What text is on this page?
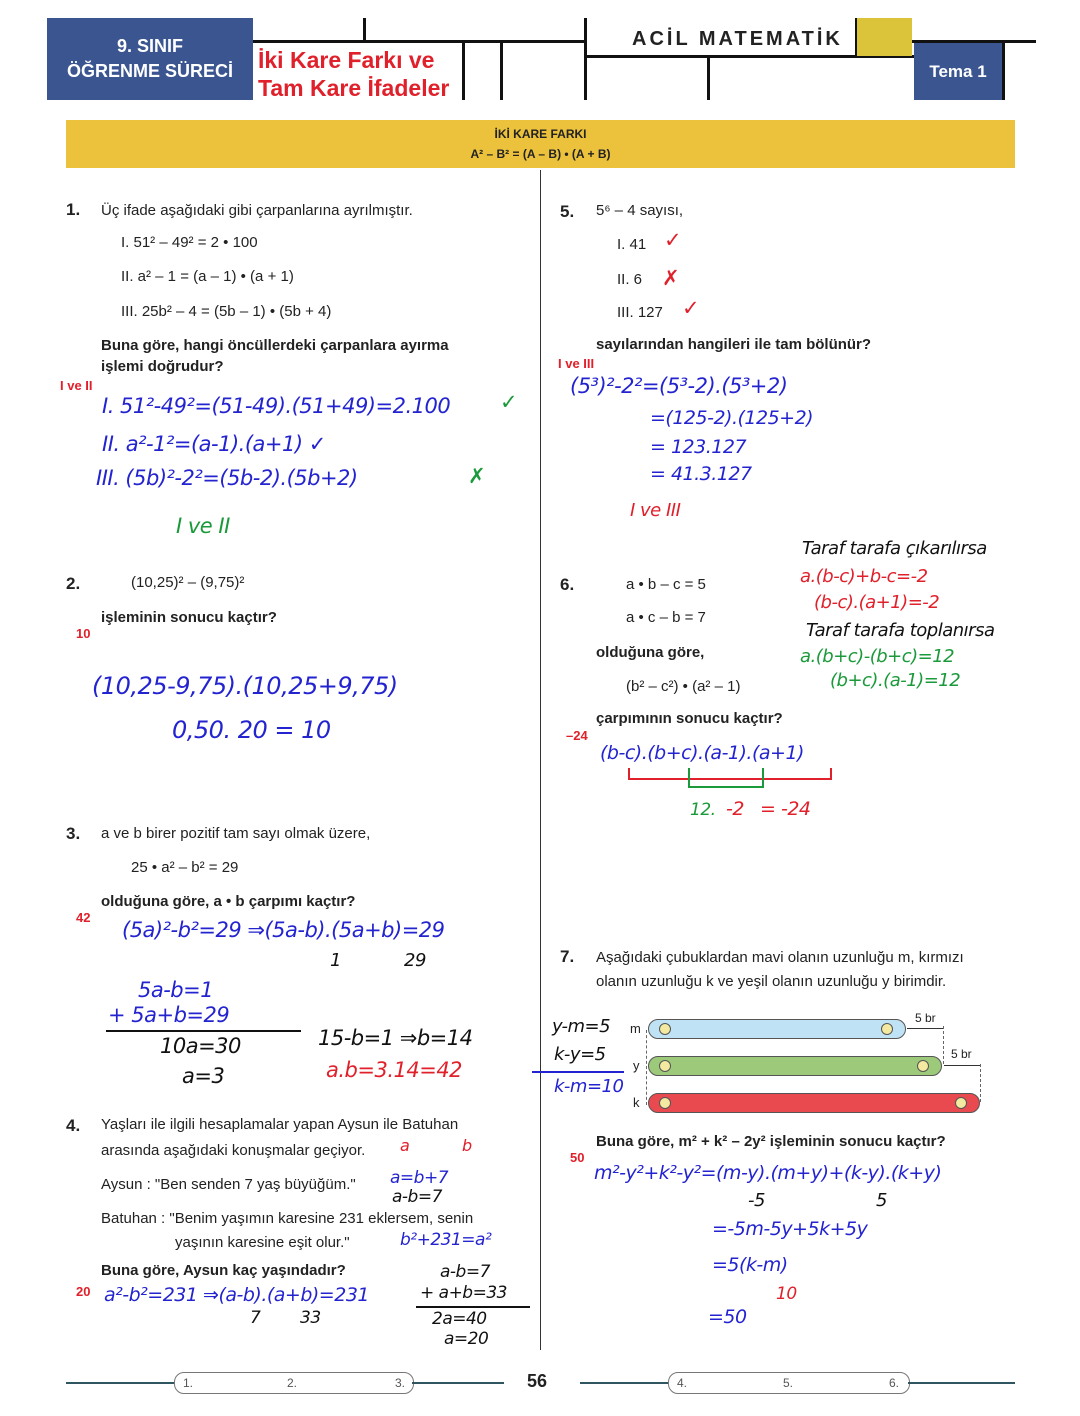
9. SINIF
ÖĞRENME SÜRECİ	İki Kare Farkı ve
Tam Kare İfadeler
ACİL MATEMATİK
Tema 1
İKİ KARE FARKI
A² – B² = (A – B) • (A + B)
1. Üç ifade aşağıdaki gibi çarpanlarına ayrılmıştır.
I. 51² – 49² = 2 • 100
II. a² – 1 = (a – 1) • (a + 1)
III. 25b² – 4 = (5b – 1) • (5b + 4)
Buna göre, hangi öncüllerdeki çarpanlara ayırma
işlemi doğrudur?
I ve II
I. 51²-49²=(51-49).(51+49)=2.100 ✓
II. a²-1²=(a-1).(a+1) ✓
III. (5b)²-2²=(5b-2).(5b+2)	✗
I ve II
2.	(10,25)² – (9,75)²
işleminin sonucu kaçtır?
10
(10,25-9,75).(10,25+9,75)
0,50. 20 = 10
3. a ve b birer pozitif tam sayı olmak üzere,
25 • a² – b² = 29
olduğuna göre, a • b çarpımı kaçtır?
42
(5a)²-b²=29 ⇒(5a-b).(5a+b)=29
1	29
5a-b=1
+ 5a+b=29
10a=30
a=3
15-b=1 ⇒b=14
a.b=3.14=42
4. Yaşları ile ilgili hesaplamalar yapan Aysun ile Batuhan
arasında aşağıdaki konuşmalar geçiyor. a	b
Aysun : "Ben senden 7 yaş büyüğüm." a=b+7
a-b=7
Batuhan : "Benim yaşımın karesine 231 eklersem, senin
yaşının karesine eşit olur."	b²+231=a²
Buna göre, Aysun kaç yaşındadır?
20 a²-b²=231 ⇒(a-b).(a+b)=231
7 33
a-b=7
+ a+b=33
2a=40
a=20
5. 5⁶ – 4 sayısı,
I. 41 ✓
II. 6 ✗
III. 127 ✓
sayılarından hangileri ile tam bölünür?
I ve III
(5³)²-2²=(5³-2).(5³+2)
=(125-2).(125+2)
= 123.127
= 41.3.127
I ve III
6.	a • b – c = 5
a • c – b = 7
olduğuna göre,
(b² – c²) • (a² – 1)
çarpımının sonucu kaçtır?
–24
Taraf tarafa çıkarılırsa
a.(b-c)+b-c=-2
(b-c).(a+1)=-2
Taraf tarafa toplanırsa
a.(b+c)-(b+c)=12
(b+c).(a-1)=12
(b-c).(b+c).(a-1).(a+1)
12. -2 = -24
7. Aşağıdaki çubuklardan mavi olanın uzunluğu m, kırmızı
olanın uzunluğu k ve yeşil olanın uzunluğu y birimdir.
m
y
k
5 br
5 br
y-m=5
k-y=5
k-m=10
Buna göre, m² + k² – 2y² işleminin sonucu kaçtır?
50
m²-y²+k²-y²=(m-y).(m+y)+(k-y).(k+y)
-5	5
=-5m-5y+5k+5y
=5(k-m)
10
=50
1.	2.	3.	56	4.	5.	6.
